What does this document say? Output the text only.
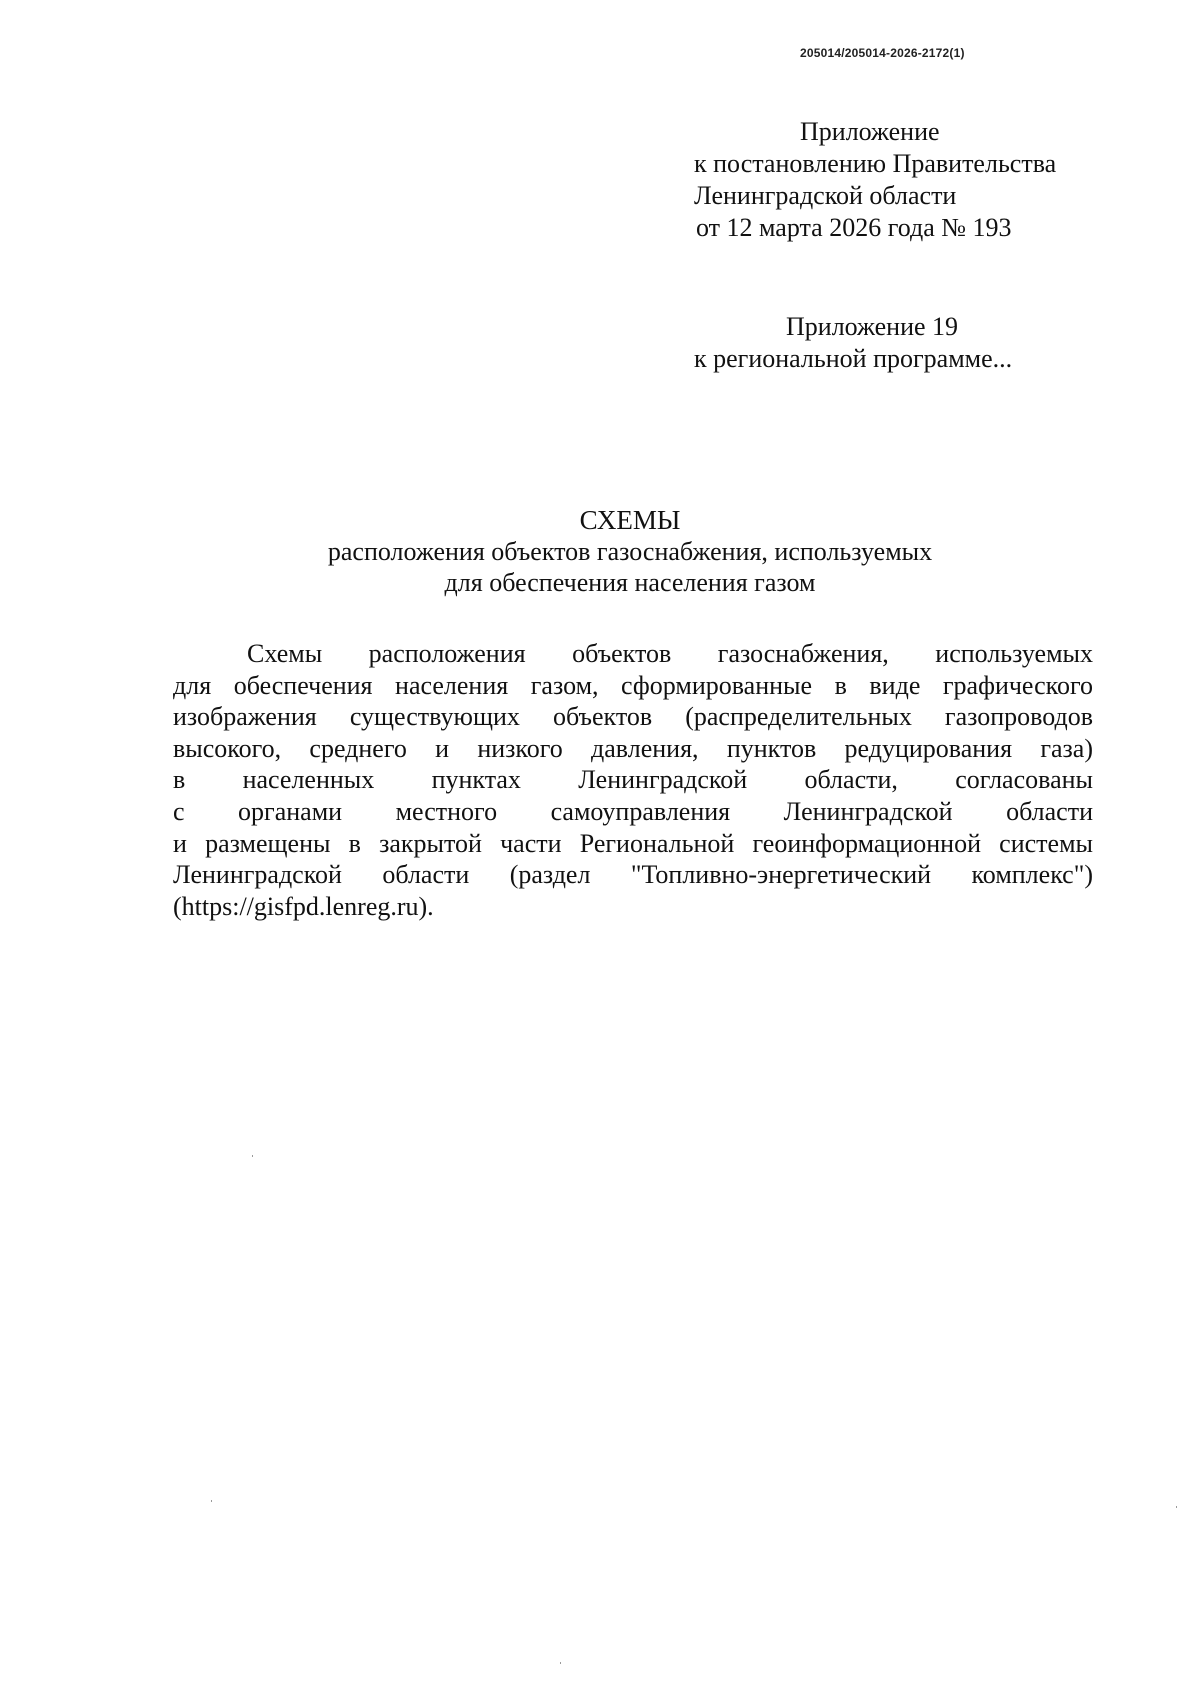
205014/205014-2026-2172(1)
Приложение
к постановлению Правительства
Ленинградской области
от 12 марта 2026 года № 193
Приложение 19
к региональной программе...
СХЕМЫ
расположения объектов газоснабжения, используемых
для обеспечения населения газом
Схемы расположения объектов газоснабжения, используемых
для обеспечения населения газом, сформированные в виде графического
изображения существующих объектов (распределительных газопроводов
высокого, среднего и низкого давления, пунктов редуцирования газа)
в населенных пунктах Ленинградской области, согласованы
с органами местного самоуправления Ленинградской области
и размещены в закрытой части Региональной геоинформационной системы
Ленинградской области (раздел "Топливно-энергетический комплекс")
(https://gisfpd.lenreg.ru).
